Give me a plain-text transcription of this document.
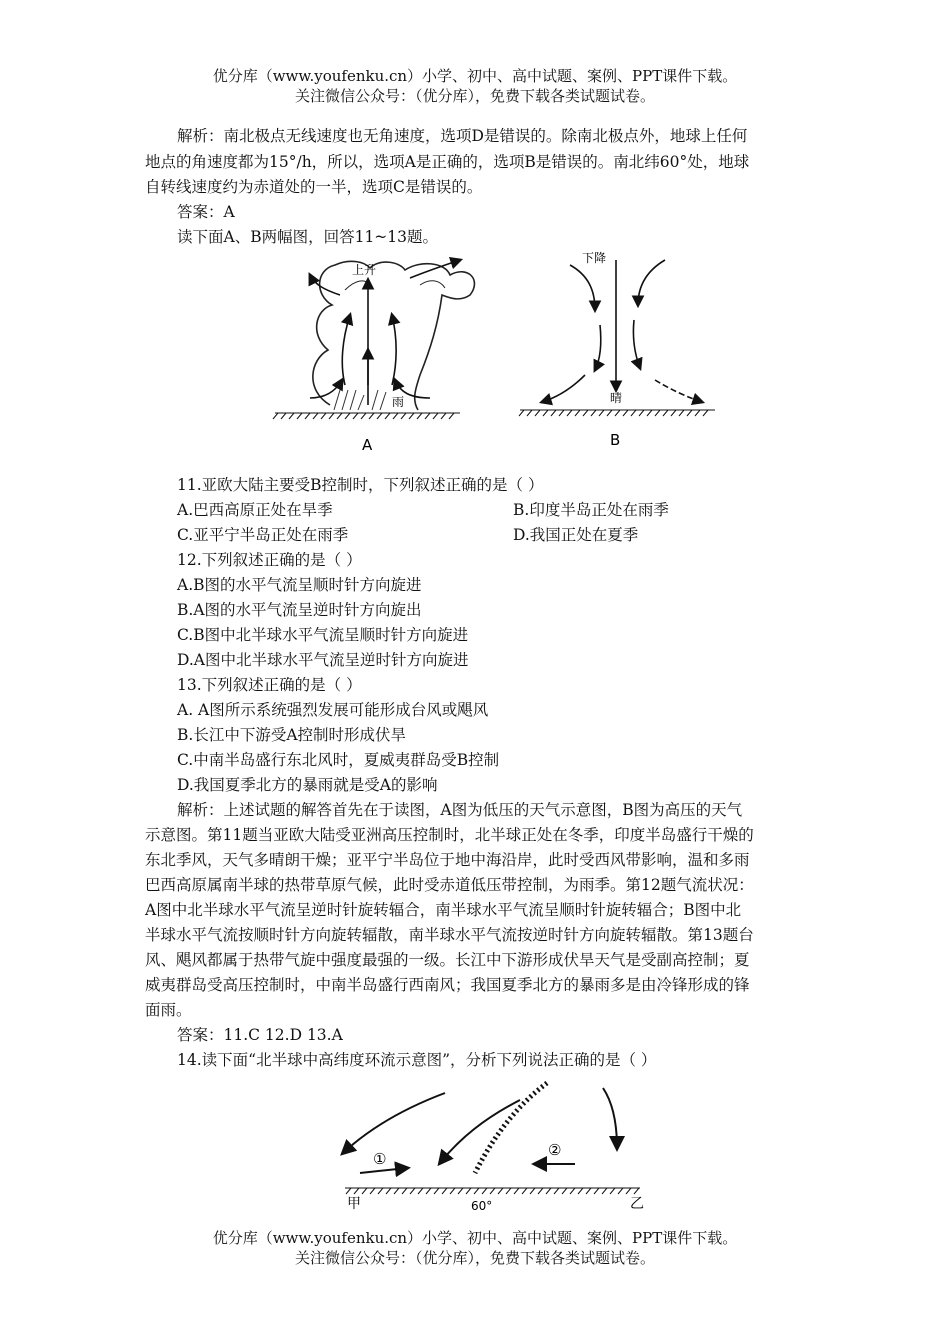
优分库（www.youfenku.cn）小学、初中、高中试题、案例、PPT课件下载。
关注微信公众号：（优分库），免费下载各类试题试卷。
解析：南北极点无线速度也无角速度，选项D是错误的。除南北极点外，地球上任何
地点的角速度都为15°/h，所以，选项A是正确的，选项B是错误的。南北纬60°处，地球
自转线速度约为赤道处的一半，选项C是错误的。
答案：A
读下面A、B两幅图，回答11~13题。
上升
雨
A
下降
晴
B
11.亚欧大陆主要受B控制时，下列叙述正确的是（ ）
A.巴西高原正处在旱季	B.印度半岛正处在雨季
C.亚平宁半岛正处在雨季	D.我国正处在夏季
12.下列叙述正确的是（ ）
A.B图的水平气流呈顺时针方向旋进
B.A图的水平气流呈逆时针方向旋出
C.B图中北半球水平气流呈顺时针方向旋进
D.A图中北半球水平气流呈逆时针方向旋进
13.下列叙述正确的是（ ）
A. A图所示系统强烈发展可能形成台风或飓风
B.长江中下游受A控制时形成伏旱
C.中南半岛盛行东北风时，夏威夷群岛受B控制
D.我国夏季北方的暴雨就是受A的影响
解析：上述试题的解答首先在于读图，A图为低压的天气示意图，B图为高压的天气
示意图。第11题当亚欧大陆受亚洲高压控制时，北半球正处在冬季，印度半岛盛行干燥的
东北季风，天气多晴朗干燥；亚平宁半岛位于地中海沿岸，此时受西风带影响，温和多雨
巴西高原属南半球的热带草原气候，此时受赤道低压带控制，为雨季。第12题气流状况：
A图中北半球水平气流呈逆时针旋转辐合，南半球水平气流呈顺时针旋转辐合；B图中北
半球水平气流按顺时针方向旋转辐散，南半球水平气流按逆时针方向旋转辐散。第13题台
风、飓风都属于热带气旋中强度最强的一级。长江中下游形成伏旱天气是受副高控制；夏
威夷群岛受高压控制时，中南半岛盛行西南风；我国夏季北方的暴雨多是由冷锋形成的锋
面雨。
答案：11.C 12.D 13.A
14.读下面“北半球中高纬度环流示意图”，分析下列说法正确的是（ ）
①	②
甲	60°	乙
优分库（www.youfenku.cn）小学、初中、高中试题、案例、PPT课件下载。
关注微信公众号：（优分库），免费下载各类试题试卷。
